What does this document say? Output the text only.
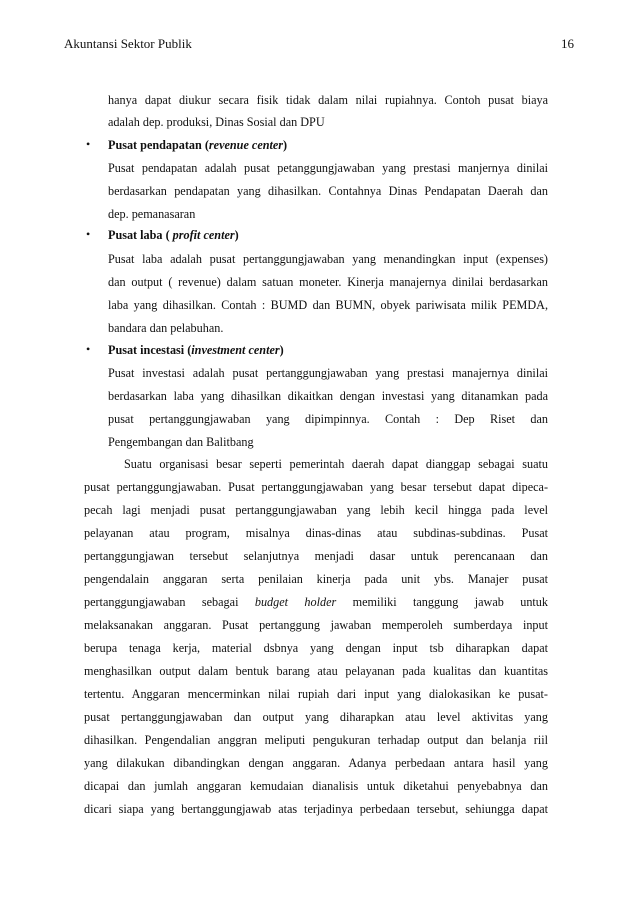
Akuntansi Sektor Publik	16
hanya dapat diukur secara fisik tidak dalam nilai rupiahnya. Contoh pusat biaya
adalah dep. produksi, Dinas Sosial dan DPU
• Pusat pendapatan (revenue center)
Pusat pendapatan adalah pusat petanggungjawaban yang prestasi manjernya dinilai
berdasarkan pendapatan yang dihasilkan. Contahnya Dinas Pendapatan Daerah dan
dep. pemanasaran
• Pusat laba ( profit center)
Pusat laba adalah pusat pertanggungjawaban yang menandingkan input (expenses)
dan output ( revenue) dalam satuan moneter. Kinerja manajernya dinilai berdasarkan
laba yang dihasilkan. Contah : BUMD dan BUMN, obyek pariwisata milik PEMDA,
bandara dan pelabuhan.
• Pusat incestasi (investment center)
Pusat investasi adalah pusat pertanggungjawaban yang prestasi manajernya dinilai
berdasarkan laba yang dihasilkan dikaitkan dengan investasi yang ditanamkan pada
pusat pertanggungjawaban yang dipimpinnya. Contah : Dep Riset dan
Pengembangan dan Balitbang
Suatu organisasi besar seperti pemerintah daerah dapat dianggap sebagai suatu
pusat pertanggungjawaban. Pusat pertanggungjawaban yang besar tersebut dapat dipeca-
pecah lagi menjadi pusat pertanggungjawaban yang lebih kecil hingga pada level
pelayanan atau program, misalnya dinas-dinas atau subdinas-subdinas. Pusat
pertanggungjawan tersebut selanjutnya menjadi dasar untuk perencanaan dan
pengendalain anggaran serta penilaian kinerja pada unit ybs. Manajer pusat
pertanggungjawaban sebagai budget holder memiliki tanggung jawab untuk
melaksanakan anggaran. Pusat pertanggung jawaban memperoleh sumberdaya input
berupa tenaga kerja, material dsbnya yang dengan input tsb diharapkan dapat
menghasilkan output dalam bentuk barang atau pelayanan pada kualitas dan kuantitas
tertentu. Anggaran mencerminkan nilai rupiah dari input yang dialokasikan ke pusat-
pusat pertanggungjawaban dan output yang diharapkan atau level aktivitas yang
dihasilkan. Pengendalian anggran meliputi pengukuran terhadap output dan belanja riil
yang dilakukan dibandingkan dengan anggaran. Adanya perbedaan antara hasil yang
dicapai dan jumlah anggaran kemudaian dianalisis untuk diketahui penyebabnya dan
dicari siapa yang bertanggungjawab atas terjadinya perbedaan tersebut, sehiungga dapat
